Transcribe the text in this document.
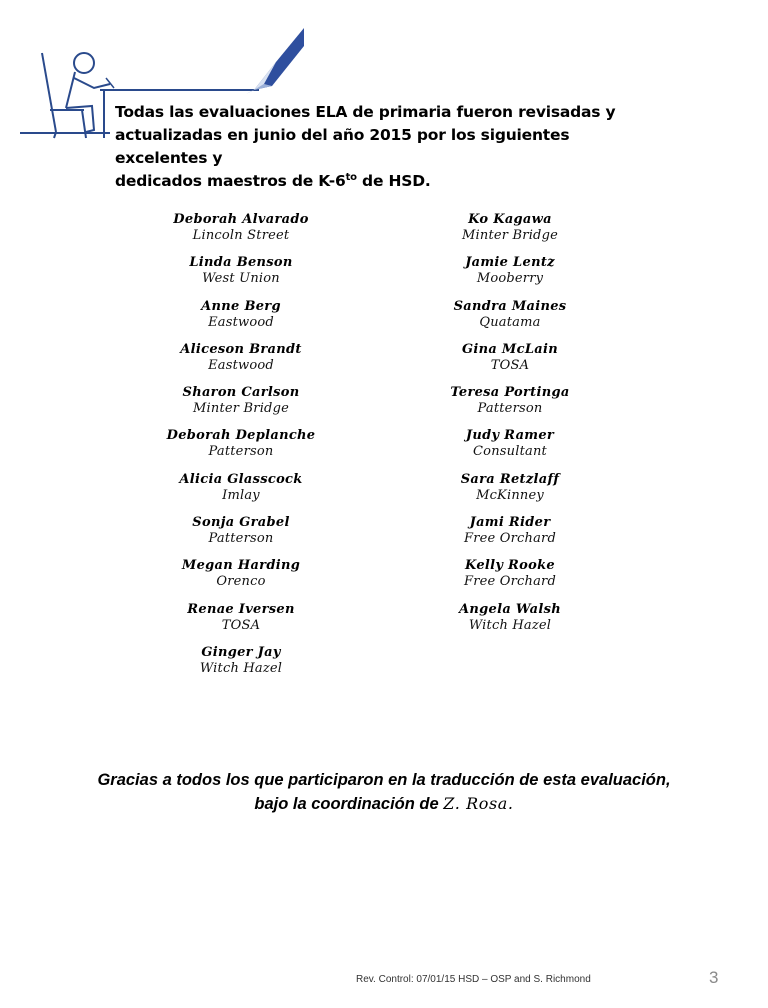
Todas las evaluaciones ELA de primaria fueron revisadas y
actualizadas en junio del año 2015 por los siguientes excelentes y
dedicados maestros de $K-6^{to}$ de HSD.
Deborah Alvarado
Lincoln Street
Linda Benson
West Union
Anne Berg
Eastwood
Aliceson Brandt
Eastwood
Sharon Carlson
Minter Bridge
Deborah Deplanche
Patterson
Alicia Glasscock
Imlay
Sonja Grabel
Patterson
Megan Harding
Orenco
Renae Iversen
TOSA
Ginger Jay
Witch Hazel
Ko Kagawa
Minter Bridge
Jamie Lentz
Mooberry
Sandra Maines
Quatama
Gina McLain
TOSA
Teresa Portinga
Patterson
Judy Ramer
Consultant
Sara Retzlaff
McKinney
Jami Rider
Free Orchard
Kelly Rooke
Free Orchard
Angela Walsh
Witch Hazel
Gracias a todos los que participaron en la traducción de esta evaluación,
bajo la coordinación de Z. Rosa.
Rev. Control: 07/01/15 HSD – OSP and S. Richmond	3
